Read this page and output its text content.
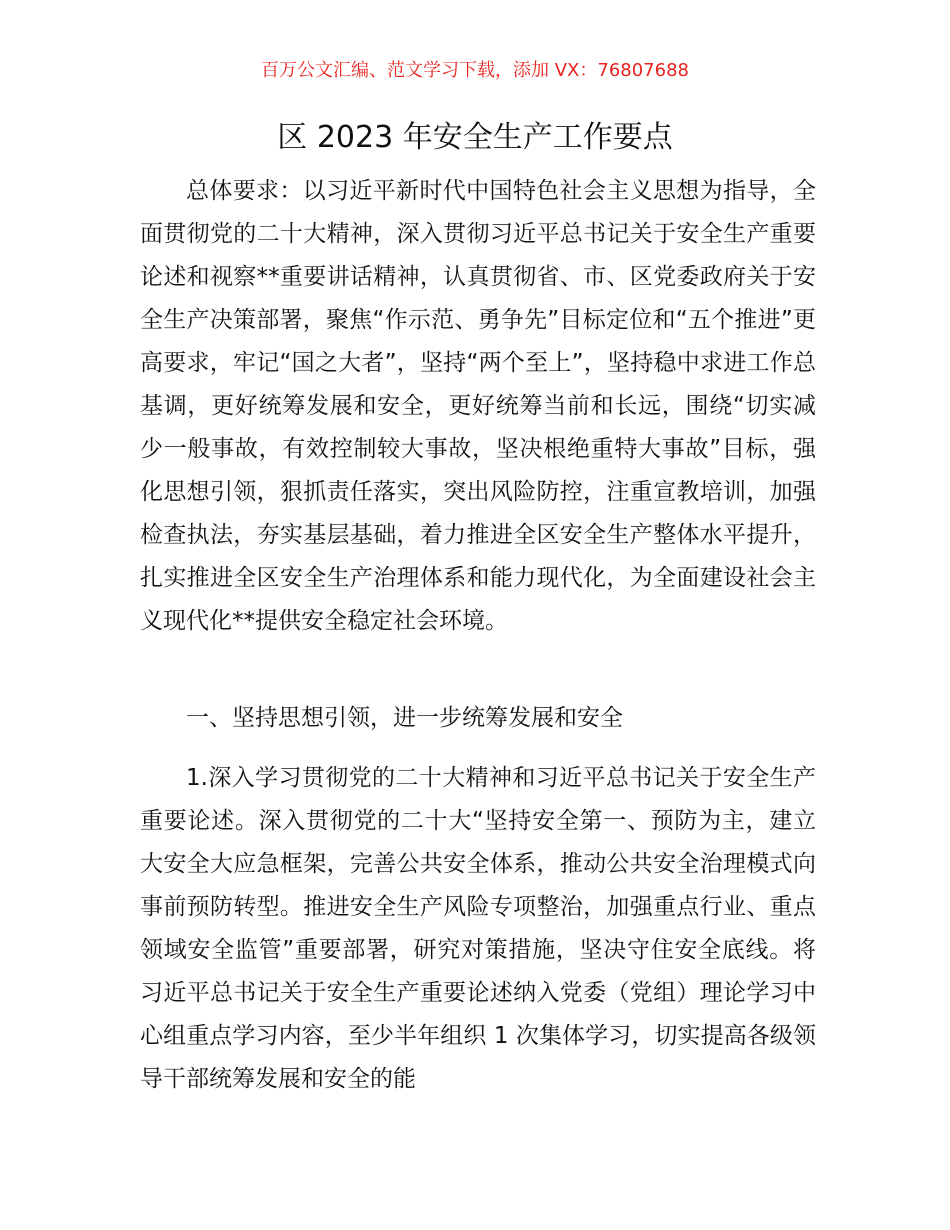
百万公文汇编、范文学习下载，添加 VX：76807688
区 2023 年安全生产工作要点

总体要求：以习近平新时代中国特色社会主义思想为指导，全面贯彻党的二十大精神，深入贯彻习近平总书记关于安全生产重要论述和视察**重要讲话精神，认真贯彻省、市、区党委政府关于安全生产决策部署，聚焦“作示范、勇争先”目标定位和“五个推进”更高要求，牢记“国之大者”，坚持“两个至上”，坚持稳中求进工作总基调，更好统筹发展和安全，更好统筹当前和长远，围绕“切实减少一般事故，有效控制较大事故，坚决根绝重特大事故”目标，强化思想引领，狠抓责任落实，突出风险防控，注重宣教培训，加强检查执法，夯实基层基础，着力推进全区安全生产整体水平提升，扎实推进全区安全生产治理体系和能力现代化，为全面建设社会主义现代化**提供安全稳定社会环境。

一、坚持思想引领，进一步统筹发展和安全

1.深入学习贯彻党的二十大精神和习近平总书记关于安全生产重要论述。深入贯彻党的二十大“坚持安全第一、预防为主，建立大安全大应急框架，完善公共安全体系，推动公共安全治理模式向事前预防转型。推进安全生产风险专项整治，加强重点行业、重点领域安全监管”重要部署，研究对策措施，坚决守住安全底线。将习近平总书记关于安全生产重要论述纳入党委（党组）理论学习中心组重点学习内容，至少半年组织 1 次集体学习，切实提高各级领导干部统筹发展和安全的能
